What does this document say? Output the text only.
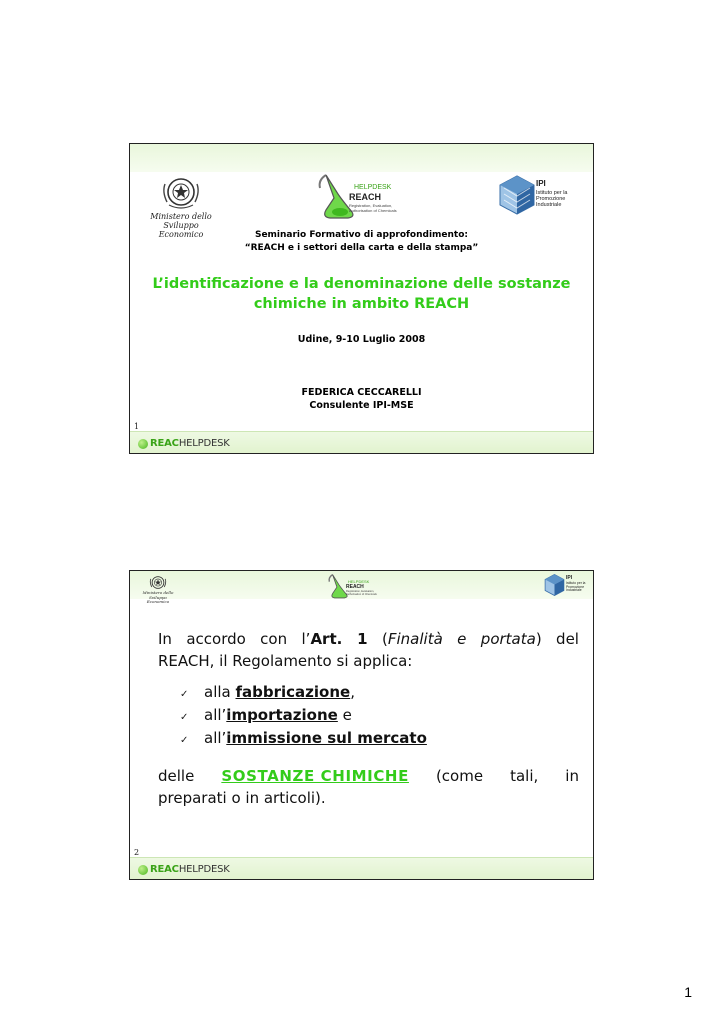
Ministero dello Sviluppo Economico
HELPDESK
REACH
Registration, Evaluation, Authorisation of Chemicals
IPI
Istituto per la Promozione Industriale
Seminario Formativo di approfondimento:
“REACH e i settori della carta e della stampa”
L’identificazione e la denominazione delle sostanze chimiche in ambito REACH
Udine, 9-10 Luglio 2008
FEDERICA CECCARELLI
Consulente IPI-MSE
1
REAC HELPDESK
Ministero dello Sviluppo Economico
HELPDESK
REACH
Registration, Evaluation, Authorisation of Chemicals
IPI
Istituto per la Promozione Industriale
In accordo con l’Art. 1 (Finalità e portata) del
REACH, il Regolamento si applica:
✓	alla fabbricazione,
✓	all’importazione e
✓	all’immissione sul mercato
delle SOSTANZE CHIMICHE (come tali, in
preparati o in articoli).
2
REAC HELPDESK
1
